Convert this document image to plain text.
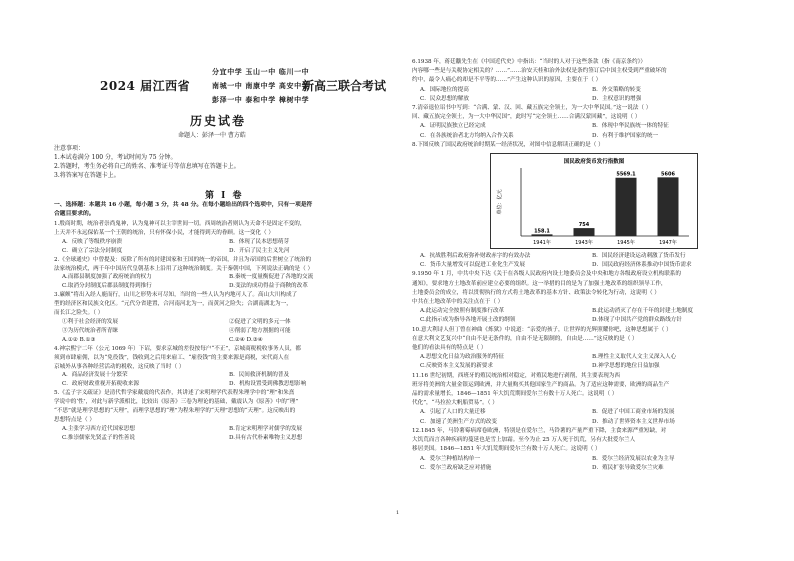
分宜中学 玉山一中 临川一中
2024 届江西省	南城一中 南康中学 高安中学
新高三联合考试
彭泽一中 泰和中学 樟树中学
历史试卷
命题人：彭泽一中 曹方皓
注意事项：
1.本试卷满分 100 分，考试时间为 75 分钟。
2.答题时，考生务必将自己的姓名、准考证号等信息填写在答题卡上。
3.将答案写在答题卡上。
第 I 卷
一、选择题：本题共 16 小题，每小题 3 分，共 48 分。在每小题给出的四个选项中，只有一项是符
合题目要求的。
1.殷商时期，统治者崇尚鬼神，认为鬼神可以主宰世间一切。西周统治者则认为天命不是固定不变的，
上天并不永远保佑某一个王朝的统治，只有怀保小民，才能得到天的眷顾。这一变化（ ）
A．反映了等级秩序崩溃	B．体现了民本思想萌芽
C．确立了宗法分封制度	D．开启了民主主义先河
2.《全球通史》中曾提及：废除了所有的封建国家和王国的统一的帝国，并且为帝国的后世树立了统治的
法家统治模式，两千年中国历代皇朝基本上沿用了这种统治制度。关于秦朝中国，下列说法正确的是（ ）
A.而郡县制度加强了政府统治的权力	B.秦统一度量衡促进了各地的交流
C.取消分封制度后郡县制度得到推行	D.变法的成功得益于商鞅的改革
3.廉颇“将出入经人鹿而行，山川之形势未可尽知，当时的一些人认为内地可人了。高山大川构成了
型的经济区和民族文化区。“元代分省建置，合河南河北为一，而黄河之险失；合湖南湖北为一，
而长江之险失。（ ）
①利于社会经济的发展	②促进了文明的多元一体
③为历代统治者所青睐	④削弱了地方割据的可能
A.①② B.①③	C.②④ D.③④
4.神宗熙宁二年（公元 1069 年）下诏，要求京城的差役按每户“不正”，京城商税税收事务人员，都
须到市肆雇佣，以为“免役钱”，钱收到之后用来雇工、“雇役钱”的主要来源是商税，宋代商人在
京城外从事各种经营活动的税收，这反映了当时（ ）
A．商品经济发展十分繁荣	B．民间救济机制的普及
C．政府财政重视开拓税收来源	D．机构设置受到佛教思想影响
5.《孟子字义疏证》是清代哲学家戴震的代表作，其讲述了宋明理学代表程朱理学中的“理”和朱熹
学说中的‘性’，对此与新学派相比，比较出《原善》三卷为理论的基础，戴震认为《原善》中的“理”
“不思”就是理学思想的“天理”，而理学思想的“理”为程朱理学的“天理”思想的“天理”。这反映出的
思想特点是（ ）
A.主张学习西方近代国家思想	B.肯定宋明理学对儒学的发展
C.推崇儒家先贤孟子的性善说	D.具有古代朴素唯物主义思想
6.1938 年，蒋廷黻先生在《中国近代史》中指出：“当时的人对于这些条款（指《南京条约》）
内容哪一些是与关税协定相关的？……”……治安天桂和治外法权是条约签订后中国主权受到严重破坏的
约中，最令人痛心的却是不平等的……”产生这种认识的原因，主要在于（ ）
A．国际地位的提高	B．外交策略的转变
C．民众思想的解放	D．主权意识的增强
7.清帝退位诏书中写到：“合满、蒙、汉、回、藏五族完全领土，为一大中华民国。”这一说法（ ）
回、藏五族完全领土，为一大中华民国”，此时写“完全领土……合满汉蒙回藏”，这说明（ ）
A．证明民族独立已经完成	B．体现中华民族统一体的特征
C．在各族统治者北方均纳入合作关系	D．有利于维护国家的统一
8.下图反映了国民政府统治时期某一经济状况，对图中信息解读正确的是（ ）
国民政府货币发行指数图
单位：亿元
158.1
1941年
754
1943年
5569.1
1945年
5606
1947年
A．抗战胜利后政府弥补财政赤字的有效办法	B．国民经济建设运动刺激了货币发行
C．货币大量增发可以促进工业化生产发展	D．国民政府经济体系推动中国货币需求
9.1950 年 1 月，中共中央下达《关于在各级人民政府内设土地委员会及中央和地方各级政府设立机构联系的
通知》，要求地方土地改革前应建立必要的组织。这一举措的目的是为了加强土地改革的组织领导工作，
土地委员会的成立，将以贯彻执行的方式将土地改革的基本方针、政策法令转化为行动，这说明（ ）
中共在土地改革中的关注点在于（ ）
A.此运动完全按照有制度推行改革	B.此运动消灭了存在千年的封建土地制度
C.此指示成为指导各地开展土改的纲领	D.体现了中国共产党的群众路线方针
10.意大利诗人但丁曾在神曲《炼狱》中说道：“亲爱的孩子，让世界的光辉照耀你吧，这种思想属于（ ）
在意大利文艺复兴中“自由不是无条件的，自由不是无限制的，自由是……”这反映的是（ ）
他们的看法具有的特点是（ ）
A.思想文化日益为政治服务的特征	B.理性主义取代人文主义深入人心
C.反映资本主义发展的新要求	D.神学思想的地位日益加强
11.16 世纪初期，西班牙的殖民统治相对稳定，对殖民地进行剥削，其主要表现为西
班牙将美洲的大量金银运到欧洲，并大量购买其他国家生产的商品。为了适应这种需要，欧洲的商品生产
品的需求量增长，1846—1851 年大饥荒期间爱尔兰有数十万人死亡。这说明（ ）
代化”，“马拉拉大帆船贸易”。（ ）
A．引起了人口的大量迁移	B．促进了中国工商业市场的发展
C．加速了美洲生产方式的改变	D．推动了世界资本主义世界市场
12.1845 年，马铃薯霉病席卷欧洲，特别是在爱尔兰，马铃薯的产量严重下降，主食来源严重短缺，对
大饥荒而言各种疾病的蔓延也是雪上加霜。至今为止 25 万人死于饥荒，另有大批爱尔兰人
移居美国。1846—1851 年大饥荒期间爱尔兰有数十万人死亡。这说明（ ）
A．爱尔兰种植结构单一	B．爱尔兰经济发展以农业为主导
C．爱尔兰政府缺乏应对措施	D．殖民扩张导致爱尔兰灾难
1
